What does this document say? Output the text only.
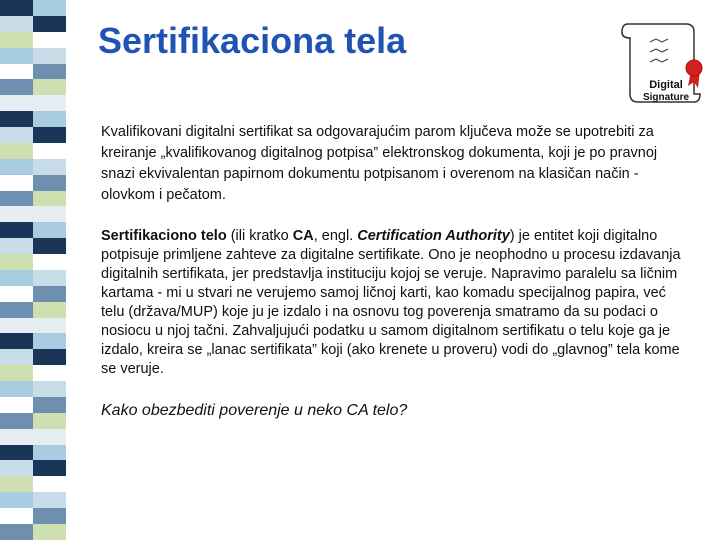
Sertifikaciona tela
Digital
Signature

Kvalifikovani digitalni sertifikat sa odgovarajućim parom ključeva može se upotrebiti za kreiranje „kvalifikovanog digitalnog potpisa” elektronskog dokumenta, koji je po pravnoj snazi ekvivalentan papirnom dokumentu potpisanom i overenom na klasičan način - olovkom i pečatom.

Sertifikaciono telo (ili kratko CA, engl. Certification Authority) je entitet koji digitalno potpisuje primljene zahteve za digitalne sertifikate. Ono je neophodno u procesu izdavanja digitalnih sertifikata, jer predstavlja instituciju kojoj se veruje. Napravimo paralelu sa ličnim kartama - mi u stvari ne verujemo samoj ličnoj karti, kao komadu specijalnog papira, već telu (država/MUP) koje ju je izdalo i na osnovu tog poverenja smatramo da su podaci o nosiocu u njoj tačni. Zahvaljujući podatku u samom digitalnom sertifikatu o telu koje ga je izdalo, kreira se „lanac sertifikata” koji (ako krenete u proveru) vodi do „glavnog” tela kome se veruje.

Kako obezbediti poverenje u neko CA telo?
